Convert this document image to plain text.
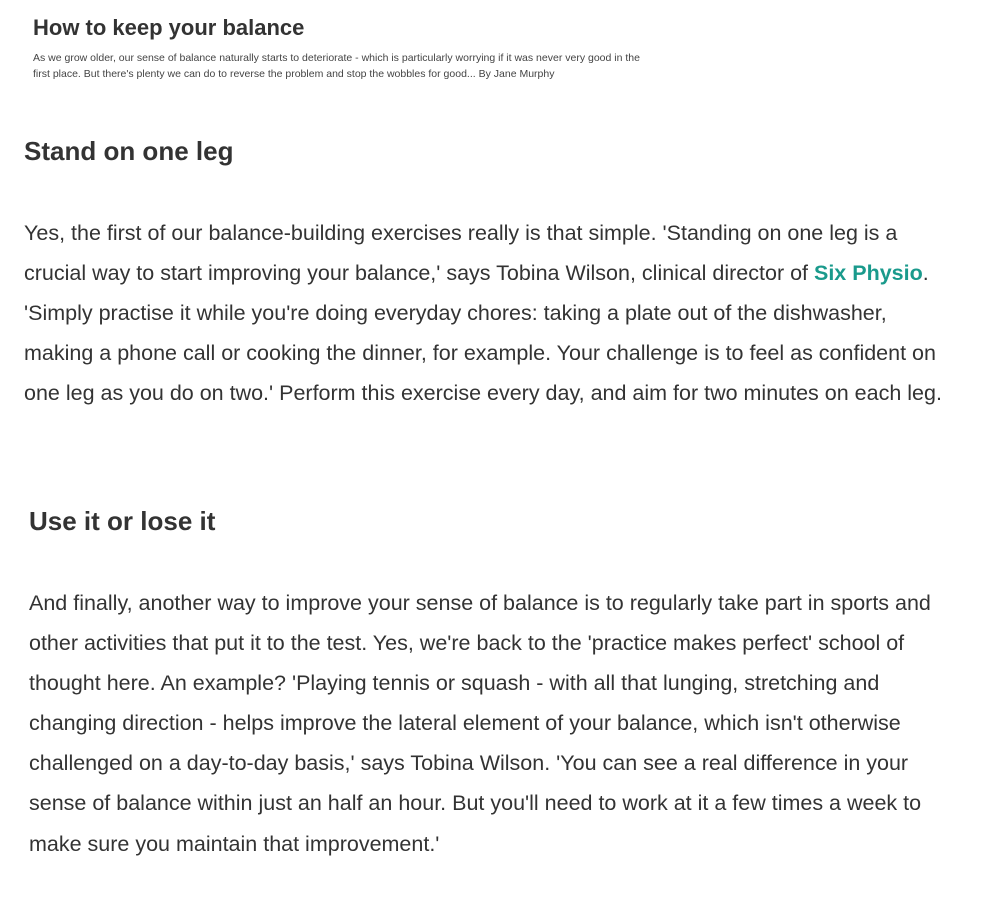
How to keep your balance

As we grow older, our sense of balance naturally starts to deteriorate - which is particularly worrying if it was never very good in the first place. But there's plenty we can do to reverse the problem and stop the wobbles for good... By Jane Murphy

Stand on one leg

Yes, the first of our balance-building exercises really is that simple. 'Standing on one leg is a crucial way to start improving your balance,' says Tobina Wilson, clinical director of Six Physio. 'Simply practise it while you're doing everyday chores: taking a plate out of the dishwasher, making a phone call or cooking the dinner, for example. Your challenge is to feel as confident on one leg as you do on two.' Perform this exercise every day, and aim for two minutes on each leg.

Use it or lose it

And finally, another way to improve your sense of balance is to regularly take part in sports and other activities that put it to the test. Yes, we're back to the 'practice makes perfect' school of thought here. An example? 'Playing tennis or squash - with all that lunging, stretching and changing direction - helps improve the lateral element of your balance, which isn't otherwise challenged on a day-to-day basis,' says Tobina Wilson. 'You can see a real difference in your sense of balance within just an half an hour. But you'll need to work at it a few times a week to make sure you maintain that improvement.'
